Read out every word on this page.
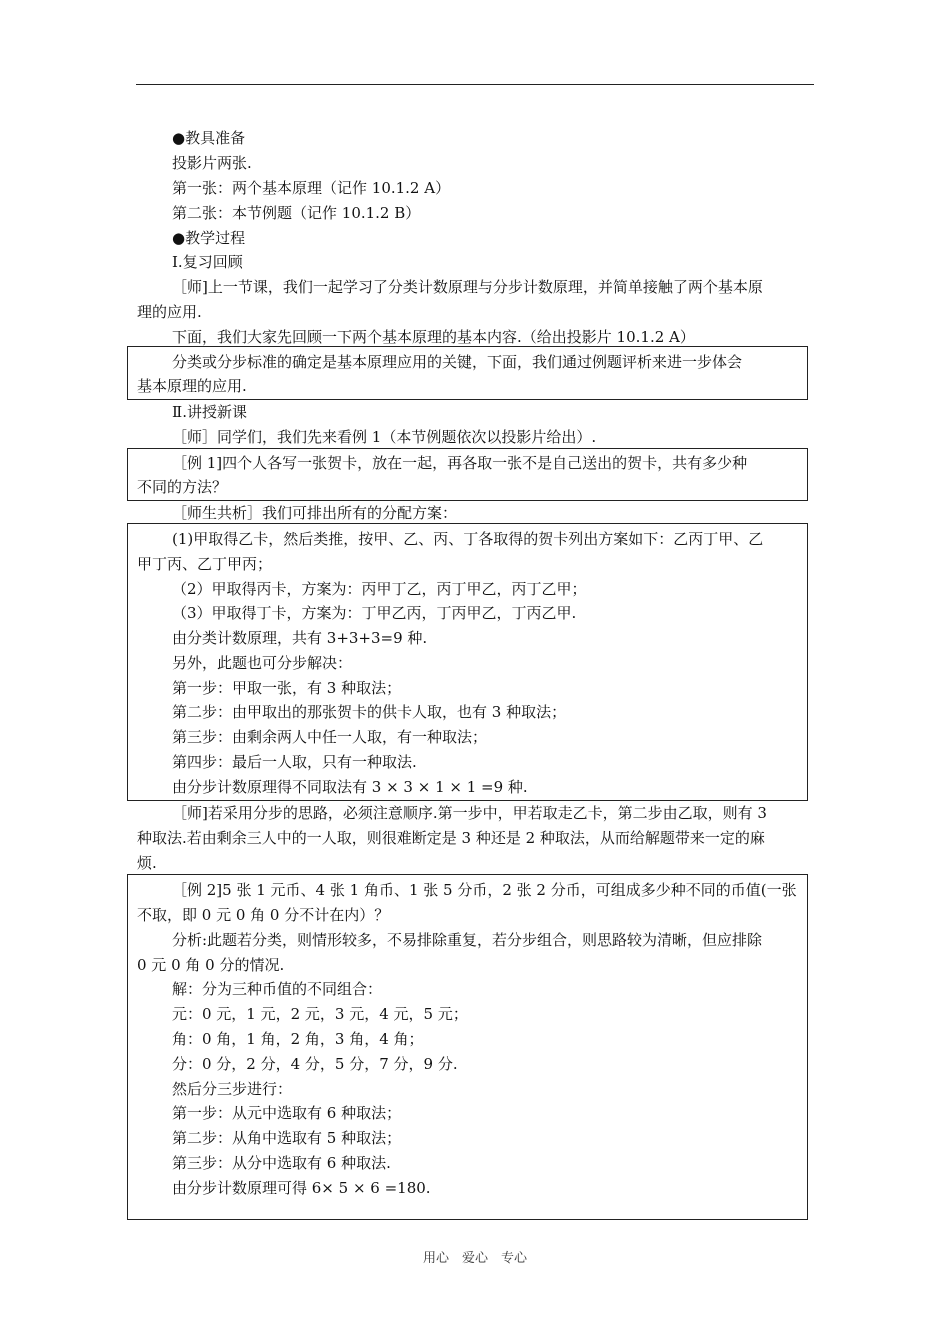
●教具准备
投影片两张.
第一张：两个基本原理（记作 10.1.2 A）
第二张：本节例题（记作 10.1.2 B）
●教学过程
Ⅰ.复习回顾
［师]上一节课，我们一起学习了分类计数原理与分步计数原理，并简单接触了两个基本原
理的应用.
下面，我们大家先回顾一下两个基本原理的基本内容.（给出投影片 10.1.2 A）
分类或分步标准的确定是基本原理应用的关键，下面，我们通过例题评析来进一步体会
基本原理的应用.
Ⅱ.讲授新课
［师］同学们，我们先来看例 1（本节例题依次以投影片给出）.
［例 1]四个人各写一张贺卡，放在一起，再各取一张不是自己送出的贺卡，共有多少种
不同的方法？
［师生共析］我们可排出所有的分配方案：
(1)甲取得乙卡，然后类推，按甲、乙、丙、丁各取得的贺卡列出方案如下：乙丙丁甲、乙
甲丁丙、乙丁甲丙；
（2）甲取得丙卡，方案为：丙甲丁乙，丙丁甲乙，丙丁乙甲；
（3）甲取得丁卡，方案为：丁甲乙丙，丁丙甲乙，丁丙乙甲.
由分类计数原理，共有 3+3+3=9 种.
另外，此题也可分步解决：
第一步：甲取一张，有 3 种取法；
第二步：由甲取出的那张贺卡的供卡人取，也有 3 种取法；
第三步：由剩余两人中任一人取，有一种取法；
第四步：最后一人取，只有一种取法.
由分步计数原理得不同取法有 3 × 3 × 1 × 1 =9 种.
［师]若采用分步的思路，必须注意顺序.第一步中，甲若取走乙卡，第二步由乙取，则有 3
种取法.若由剩余三人中的一人取，则很难断定是 3 种还是 2 种取法，从而给解题带来一定的麻
烦.
［例 2]5 张 1 元币、4 张 1 角币、1 张 5 分币，2 张 2 分币，可组成多少种不同的币值(一张
不取，即 0 元 0 角 0 分不计在内）？
分析:此题若分类，则情形较多，不易排除重复，若分步组合，则思路较为清晰，但应排除
0 元 0 角 0 分的情况.
解：分为三种币值的不同组合：
元：0 元，1 元，2 元，3 元，4 元，5 元；
角：0 角，1 角，2 角，3 角，4 角；
分：0 分，2 分，4 分，5 分，7 分，9 分.
然后分三步进行：
第一步：从元中选取有 6 种取法；
第二步：从角中选取有 5 种取法；
第三步：从分中选取有 6 种取法.
由分步计数原理可得 6× 5 × 6 =180.
用心　爱心　专心
